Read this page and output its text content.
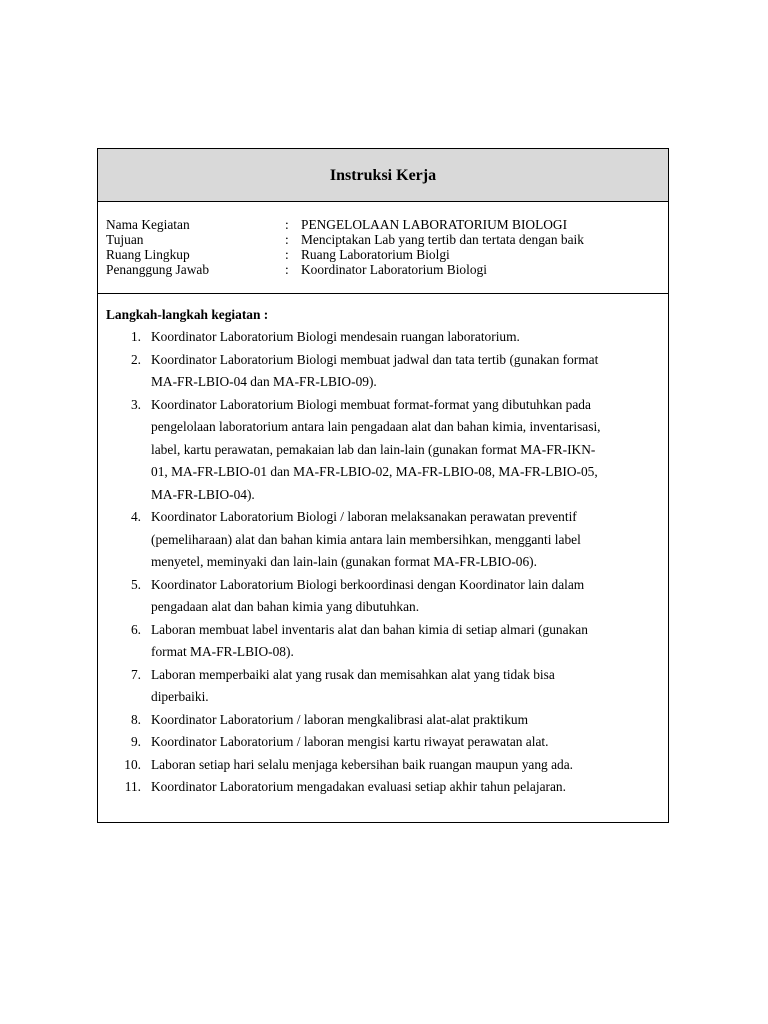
Instruksi Kerja
Nama Kegiatan	: PENGELOLAAN LABORATORIUM BIOLOGI
Tujuan	: Menciptakan Lab yang tertib dan tertata dengan baik
Ruang Lingkup	: Ruang Laboratorium Biolgi
Penanggung Jawab	: Koordinator Laboratorium Biologi
Langkah-langkah kegiatan :
1. Koordinator Laboratorium Biologi mendesain ruangan laboratorium.
2. Koordinator Laboratorium Biologi membuat jadwal dan tata tertib (gunakan format
MA-FR-LBIO-04 dan MA-FR-LBIO-09).
3. Koordinator Laboratorium Biologi membuat format-format yang dibutuhkan pada
pengelolaan laboratorium antara lain pengadaan alat dan bahan kimia, inventarisasi,
label, kartu perawatan, pemakaian lab dan lain-lain (gunakan format MA-FR-IKN-
01, MA-FR-LBIO-01 dan MA-FR-LBIO-02, MA-FR-LBIO-08, MA-FR-LBIO-05,
MA-FR-LBIO-04).
4. Koordinator Laboratorium Biologi / laboran melaksanakan perawatan preventif
(pemeliharaan) alat dan bahan kimia antara lain membersihkan, mengganti label
menyetel, meminyaki dan lain-lain (gunakan format MA-FR-LBIO-06).
5. Koordinator Laboratorium Biologi berkoordinasi dengan Koordinator lain dalam
pengadaan alat dan bahan kimia yang dibutuhkan.
6. Laboran membuat label inventaris alat dan bahan kimia di setiap almari (gunakan
format MA-FR-LBIO-08).
7. Laboran memperbaiki alat yang rusak dan memisahkan alat yang tidak bisa
diperbaiki.
8. Koordinator Laboratorium / laboran mengkalibrasi alat-alat praktikum
9. Koordinator Laboratorium / laboran mengisi kartu riwayat perawatan alat.
10. Laboran setiap hari selalu menjaga kebersihan baik ruangan maupun yang ada.
11. Koordinator Laboratorium mengadakan evaluasi setiap akhir tahun pelajaran.
